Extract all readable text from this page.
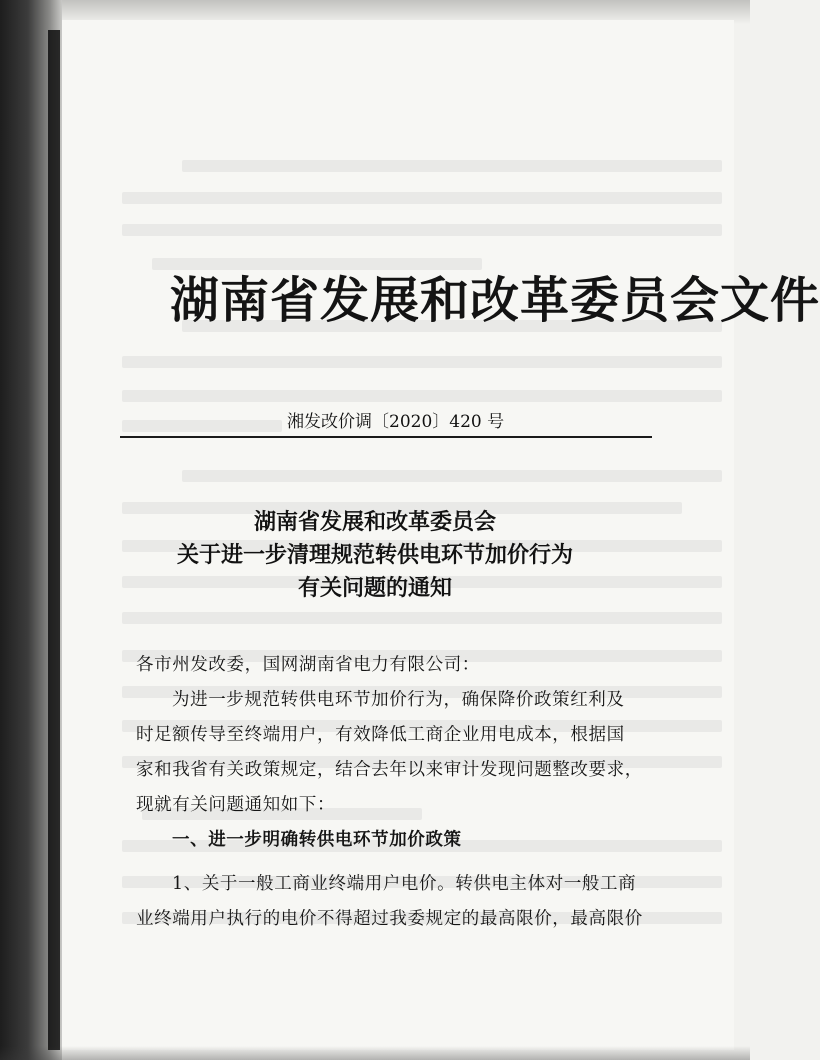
湖南省发展和改革委员会文件
湘发改价调〔2020〕420 号
湖南省发展和改革委员会
关于进一步清理规范转供电环节加价行为
有关问题的通知
各市州发改委，国网湖南省电力有限公司：
为进一步规范转供电环节加价行为，确保降价政策红利及
时足额传导至终端用户，有效降低工商企业用电成本，根据国
家和我省有关政策规定，结合去年以来审计发现问题整改要求，
现就有关问题通知如下：
一、进一步明确转供电环节加价政策
1、关于一般工商业终端用户电价。转供电主体对一般工商
业终端用户执行的电价不得超过我委规定的最高限价，最高限价
